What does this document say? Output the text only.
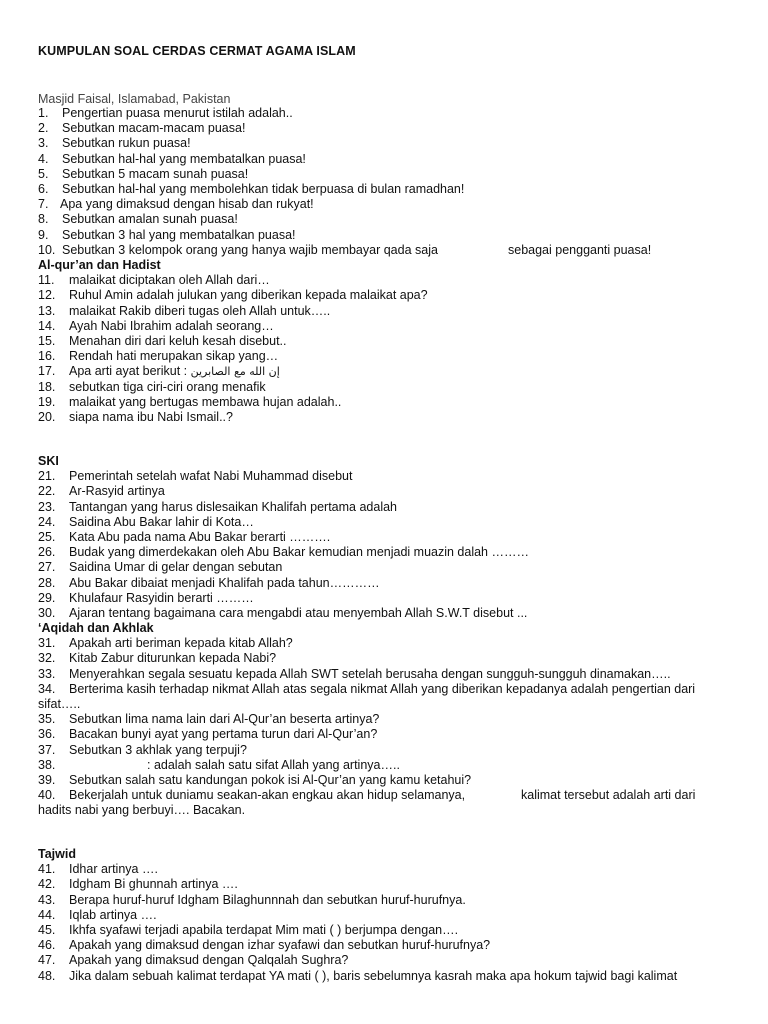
KUMPULAN SOAL CERDAS CERMAT AGAMA ISLAM
Masjid Faisal, Islamabad, Pakistan
1. Pengertian puasa menurut istilah adalah..
2. Sebutkan macam-macam puasa!
3. Sebutkan rukun puasa!
4. Sebutkan hal-hal yang membatalkan puasa!
5. Sebutkan 5 macam sunah puasa!
6. Sebutkan hal-hal yang membolehkan tidak berpuasa di bulan ramadhan!
7. Apa yang dimaksud dengan hisab dan rukyat!
8. Sebutkan amalan sunah puasa!
9. Sebutkan 3 hal yang membatalkan puasa!
10. Sebutkan 3 kelompok orang yang hanya wajib membayar qada saja	sebagai pengganti puasa!
Al-qur’an dan Hadist
11. malaikat diciptakan oleh Allah dari…
12. Ruhul Amin adalah julukan yang diberikan kepada malaikat apa?
13. malaikat Rakib diberi tugas oleh Allah untuk…..
14. Ayah Nabi Ibrahim adalah seorang…
15. Menahan diri dari keluh kesah disebut..
16. Rendah hati merupakan sikap yang…
17. Apa arti ayat berikut : إن الله مع الصابرين
18. sebutkan tiga ciri-ciri orang menafik
19. malaikat yang bertugas membawa hujan adalah..
20. siapa nama ibu Nabi Ismail..?
SKI
21. Pemerintah setelah wafat Nabi Muhammad disebut
22. Ar-Rasyid artinya
23. Tantangan yang harus dislesaikan Khalifah pertama adalah
24. Saidina Abu Bakar lahir di Kota…
25. Kata Abu pada nama Abu Bakar berarti ……….
26. Budak yang dimerdekakan oleh Abu Bakar kemudian menjadi muazin dalah ………
27. Saidina Umar di gelar dengan sebutan
28. Abu Bakar dibaiat menjadi Khalifah pada tahun…………
29. Khulafaur Rasyidin berarti ………
30. Ajaran tentang bagaimana cara mengabdi atau menyembah Allah S.W.T disebut ...
‘Aqidah dan Akhlak
31. Apakah arti beriman kepada kitab Allah?
32. Kitab Zabur diturunkan kepada Nabi?
33. Menyerahkan segala sesuatu kepada Allah SWT setelah berusaha dengan sungguh-sungguh dinamakan…..
34. Berterima kasih terhadap nikmat Allah atas segala nikmat Allah yang diberikan kepadanya adalah pengertian dari
sifat…..
35. Sebutkan lima nama lain dari Al-Qur’an beserta artinya?
36. Bacakan bunyi ayat yang pertama turun dari Al-Qur’an?
37. Sebutkan 3 akhlak yang terpuji?
38.	: adalah salah satu sifat Allah yang artinya…..
39. Sebutkan salah satu kandungan pokok isi Al-Qur’an yang kamu ketahui?
40. Bekerjalah untuk duniamu seakan-akan engkau akan hidup selamanya,	kalimat tersebut adalah arti dari
hadits nabi yang berbuyi…. Bacakan.
Tajwid
41. Idhar artinya ….
42. Idgham Bi ghunnah artinya ….
43. Berapa huruf-huruf Idgham Bilaghunnnah dan sebutkan huruf-hurufnya.
44. Iqlab artinya ….
45. Ikhfa syafawi terjadi apabila terdapat Mim mati ( ) berjumpa dengan….
46. Apakah yang dimaksud dengan izhar syafawi dan sebutkan huruf-hurufnya?
47. Apakah yang dimaksud dengan Qalqalah Sughra?
48. Jika dalam sebuah kalimat terdapat YA mati ( ), baris sebelumnya kasrah maka apa hokum tajwid bagi kalimat
